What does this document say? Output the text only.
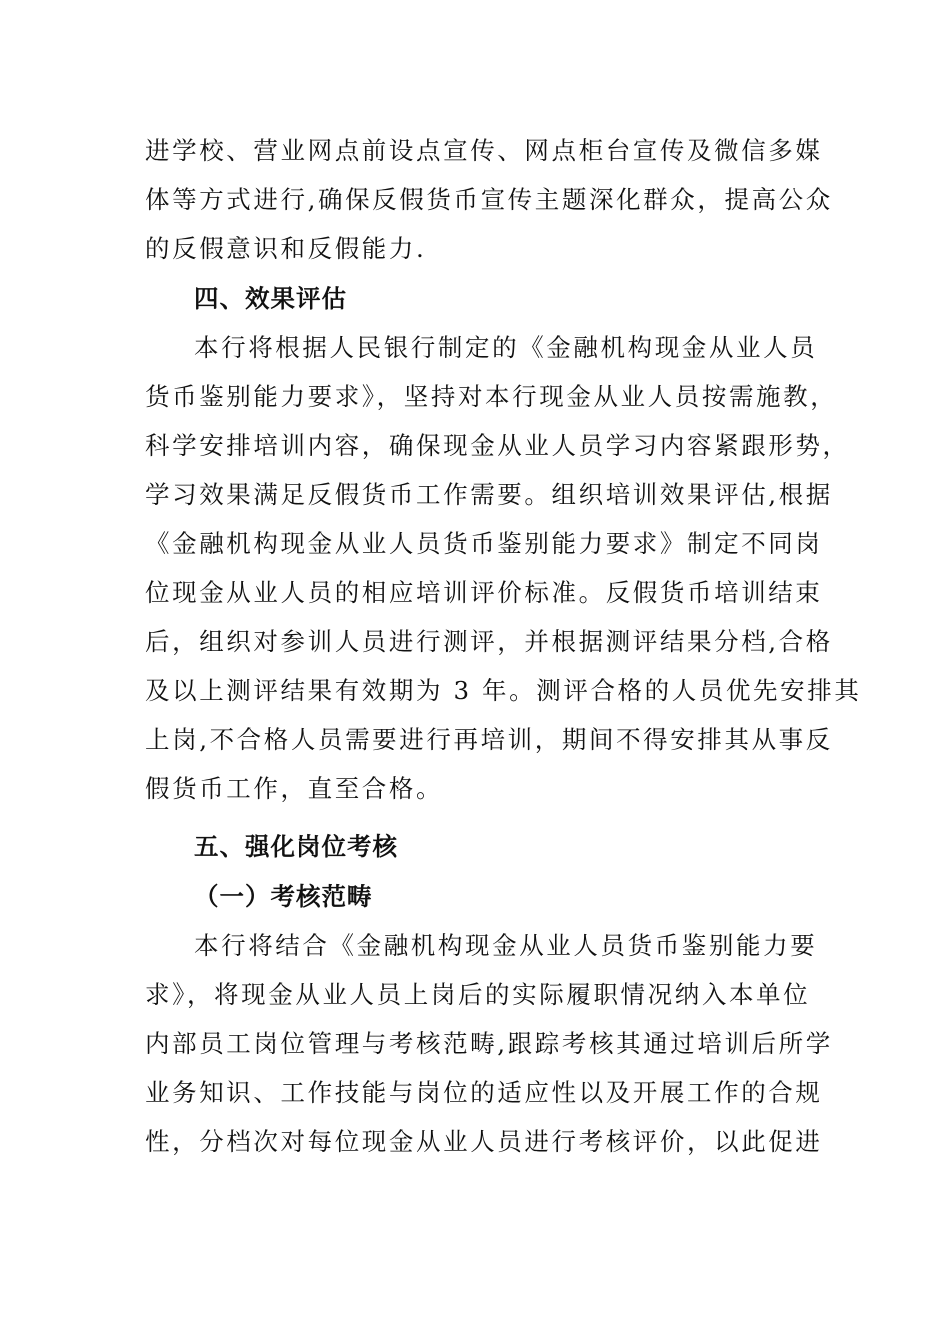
进学校、营业网点前设点宣传、网点柜台宣传及微信多媒
体等方式进行,确保反假货币宣传主题深化群众，提高公众
的反假意识和反假能力.
四、效果评估
本行将根据人民银行制定的《金融机构现金从业人员
货币鉴别能力要求》，坚持对本行现金从业人员按需施教，
科学安排培训内容，确保现金从业人员学习内容紧跟形势，
学习效果满足反假货币工作需要。组织培训效果评估,根据
《金融机构现金从业人员货币鉴别能力要求》制定不同岗
位现金从业人员的相应培训评价标准。反假货币培训结束
后，组织对参训人员进行测评，并根据测评结果分档,合格
及以上测评结果有效期为 3 年。测评合格的人员优先安排其
上岗,不合格人员需要进行再培训，期间不得安排其从事反
假货币工作，直至合格。
五、强化岗位考核
（一）考核范畴
本行将结合《金融机构现金从业人员货币鉴别能力要
求》，将现金从业人员上岗后的实际履职情况纳入本单位
内部员工岗位管理与考核范畴,跟踪考核其通过培训后所学
业务知识、工作技能与岗位的适应性以及开展工作的合规
性，分档次对每位现金从业人员进行考核评价，以此促进
